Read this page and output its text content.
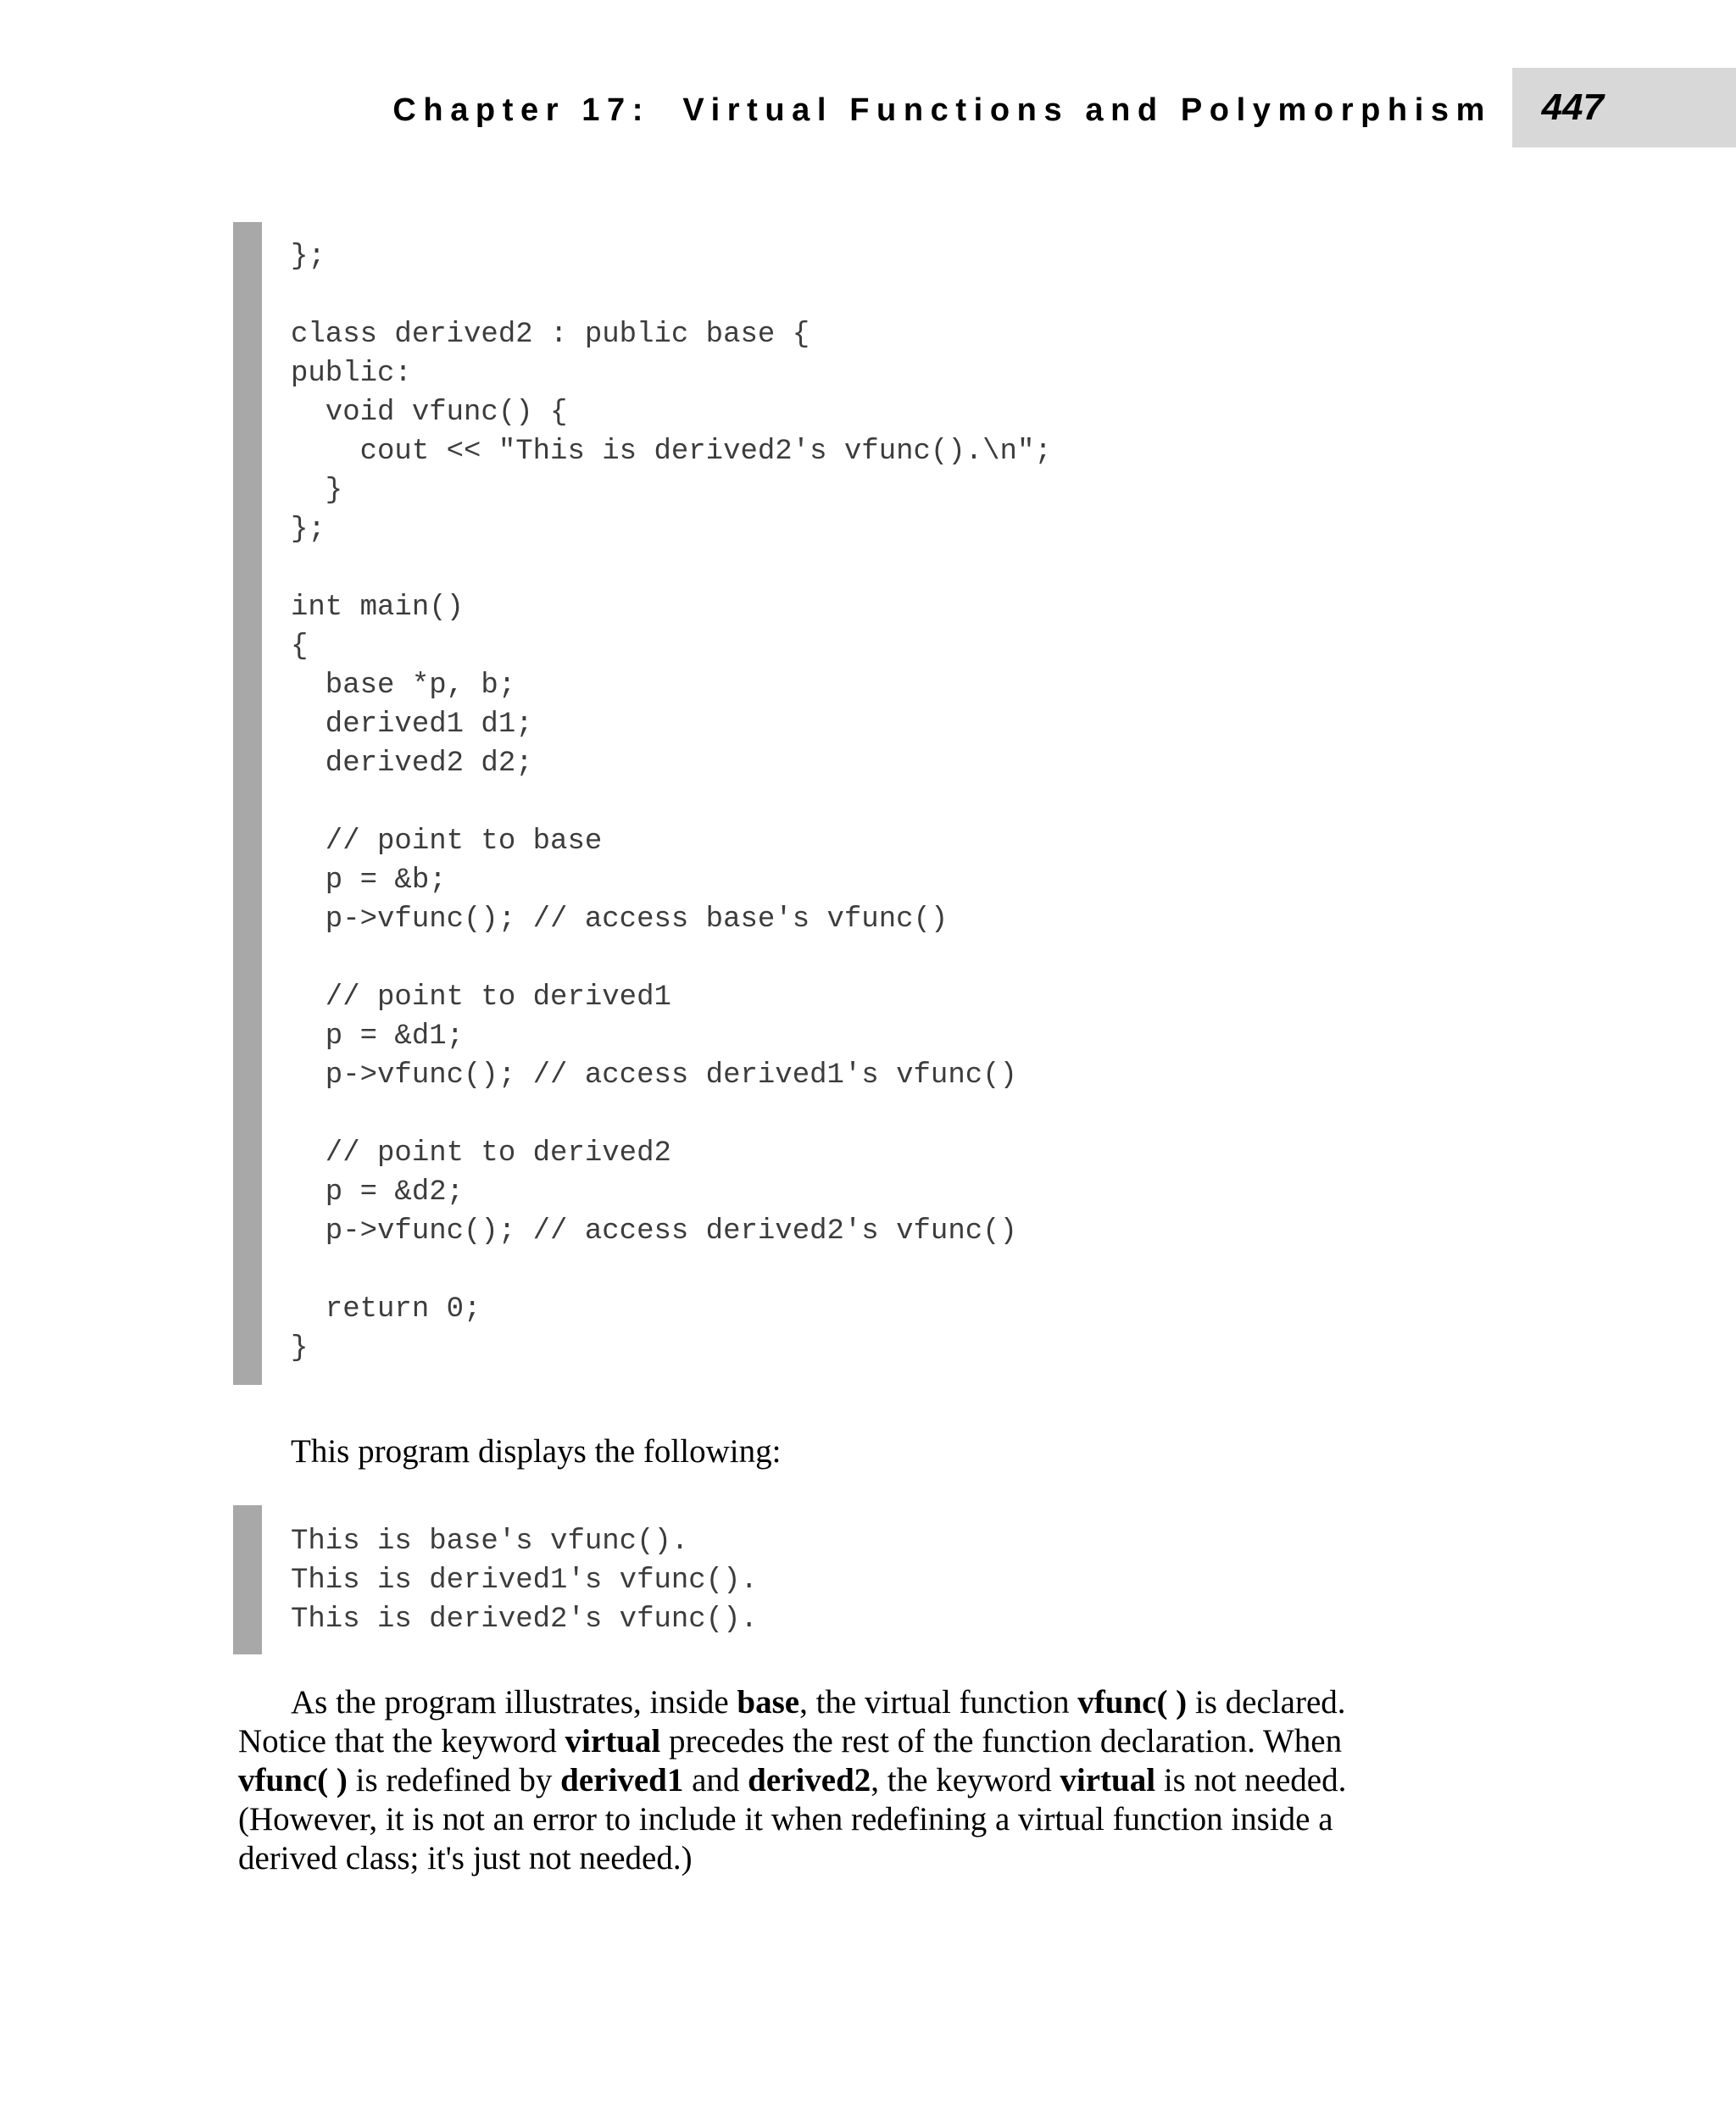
Chapter 17:  Virtual Functions and Polymorphism	447
};
class derived2 : public base {
public:
void vfunc() {
cout << "This is derived2's vfunc().\n";
}
};
int main()
{
base *p, b;
derived1 d1;
derived2 d2;
// point to base
p = &b;
p->vfunc(); // access base's vfunc()
// point to derived1
p = &d1;
p->vfunc(); // access derived1's vfunc()
// point to derived2
p = &d2;
p->vfunc(); // access derived2's vfunc()
return 0;
}
This program displays the following:
This is base's vfunc().
This is derived1's vfunc().
This is derived2's vfunc().
As the program illustrates, inside base, the virtual function vfunc( ) is declared.
Notice that the keyword virtual precedes the rest of the function declaration. When
vfunc( ) is redefined by derived1 and derived2, the keyword virtual is not needed.
(However, it is not an error to include it when redefining a virtual function inside a
derived class; it's just not needed.)
